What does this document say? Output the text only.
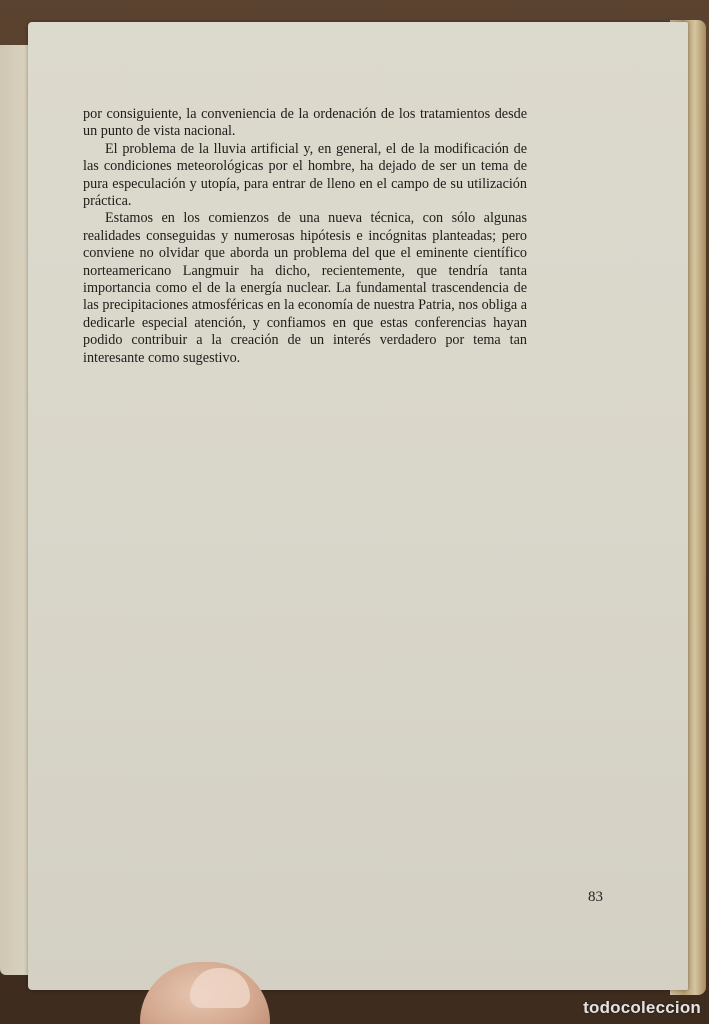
por consiguiente, la conveniencia de la ordenación de los tratamientos desde un punto de vista nacional.

El problema de la lluvia artificial y, en general, el de la modificación de las condiciones meteorológicas por el hombre, ha dejado de ser un tema de pura especulación y utopía, para entrar de lleno en el campo de su utilización práctica.

Estamos en los comienzos de una nueva técnica, con sólo algunas realidades conseguidas y numerosas hipótesis e incógnitas planteadas; pero conviene no olvidar que aborda un problema del que el eminente científico norteamericano Langmuir ha dicho, recientemente, que tendría tanta importancia como el de la energía nuclear. La fundamental trascendencia de las precipitaciones atmosféricas en la economía de nuestra Patria, nos obliga a dedicarle especial atención, y confiamos en que estas conferencias hayan podido contribuir a la creación de un interés verdadero por tema tan interesante como sugestivo.

83
todocoleccion
